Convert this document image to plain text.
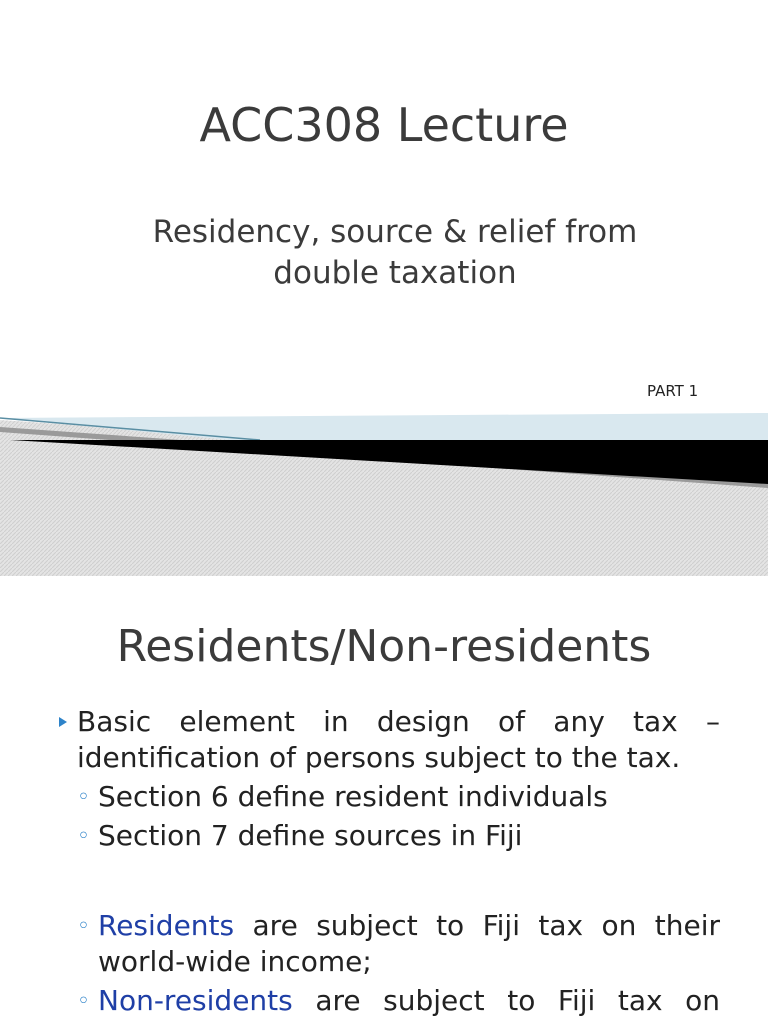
ACC308 Lecture
Residency, source & relief from
double taxation
PART 1
Residents/Non-residents
Basic element in design of any tax –
identification of persons subject to the tax.
◦ Section 6 define resident individuals
◦ Section 7 define sources in Fiji
◦ Residents are subject to Fiji tax on their
world-wide income;
◦ Non-residents are subject to Fiji tax on
